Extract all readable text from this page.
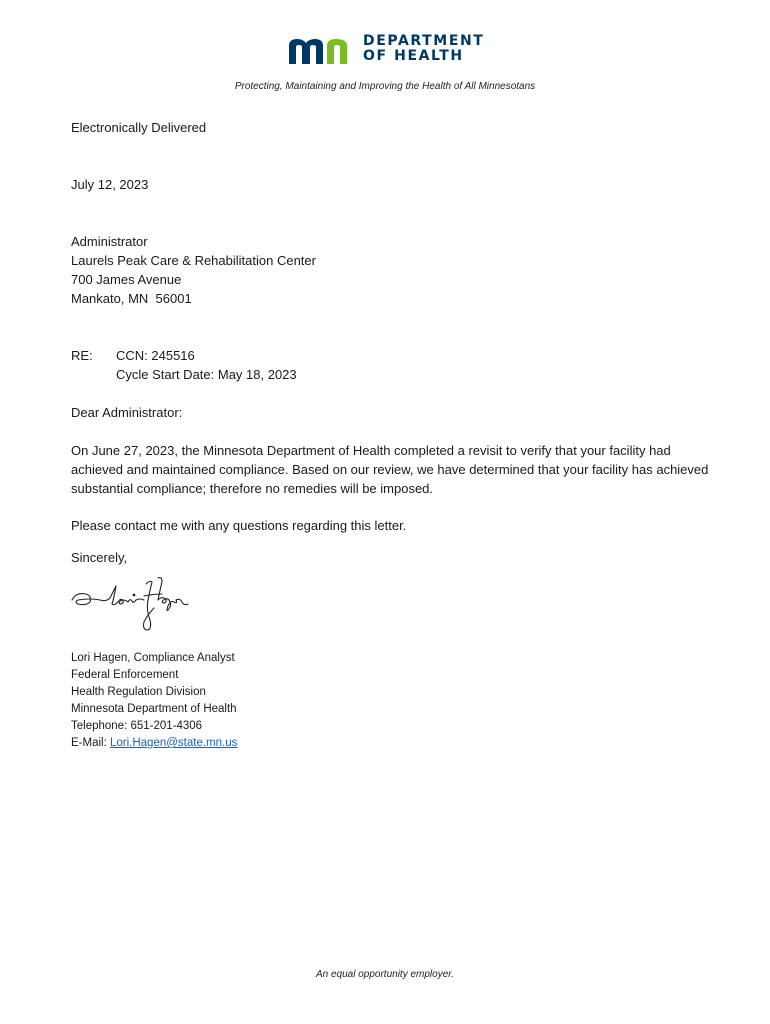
DEPARTMENT
OF HEALTH
Protecting, Maintaining and Improving the Health of All Minnesotans
Electronically Delivered
July 12, 2023
Administrator
Laurels Peak Care & Rehabilitation Center
700 James Avenue
Mankato, MN  56001
RE: CCN: 245516
Cycle Start Date: May 18, 2023
Dear Administrator:
On June 27, 2023, the Minnesota Department of Health completed a revisit to verify that your facility had achieved and maintained compliance. Based on our review, we have determined that your facility has achieved substantial compliance; therefore no remedies will be imposed.
Please contact me with any questions regarding this letter.
Sincerely,
Lori Hagen, Compliance Analyst
Federal Enforcement
Health Regulation Division
Minnesota Department of Health
Telephone: 651-201-4306
E-Mail: Lori.Hagen@state.mn.us
An equal opportunity employer.
